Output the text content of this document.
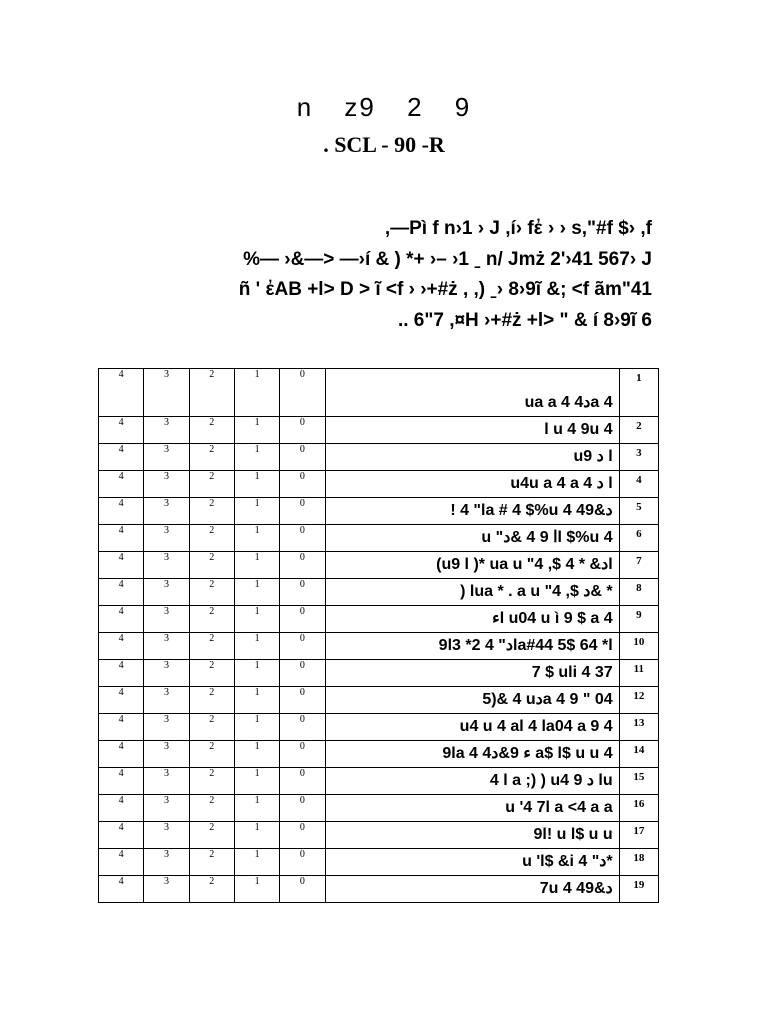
n z9 2 9
. SCL - 90 -R
,—Pì f n›1 › J ,í› fἐ › › s,"#f $› ,f
%— ›&—> —›í & ) *+ ›– ›1 ˍ n/ Jmż 2'›41 567› J
ñ ' ἐAB +l> D > ĩ <f › ›+#ż , ,) ˍ› 8›9ĩ &; <f ãm"41
.. 6"7 ,¤H ›+#ż +l> " & í 8›9ĩ 6
4	3	2	1	0	ua a 4 4دa 4	1
4	3	2	1	0	l u 4 9u 4	2
4	3	2	1	0	uد 9 l	3
4	3	2	1	0	u4u a 4 a 4 د l	4
4	3	2	1	0	! 4 "la # 4 $%u 4 49&د	5
4	3	2	1	0	u "ا 9 4 &دl $%u 4	6
4	3	2	1	0	(u9 l )* ua u "4 ,$ 4 * &دl	7
4	3	2	1	0	) lua * . a u "4 ,$ د& *	8
4	3	2	1	0	ءl u04 u ì 9 $ a 4	9
4	3	2	1	0	9l3 *د" 4 2la#44 5$ 64 *l	10
4	3	2	1	0	7 $ uli 4 37	11
4	3	2	1	0	5)& 4 uدa 4 9 " 04	12
4	3	2	1	0	u4 u 4 al 4 la04 a 9 4	13
4	3	2	1	0	9la 4 4ء 9&د a$ l$ u u 4	14
4	3	2	1	0	4 l a ;) ) u4 د 9 lu	15
4	3	2	1	0	u '4 7l a <4 a a	16
4	3	2	1	0	9l! u l$ u u	17
4	3	2	1	0	u 'l$ &i 4 "د*	18
4	3	2	1	0	7u 4 49&د	19
